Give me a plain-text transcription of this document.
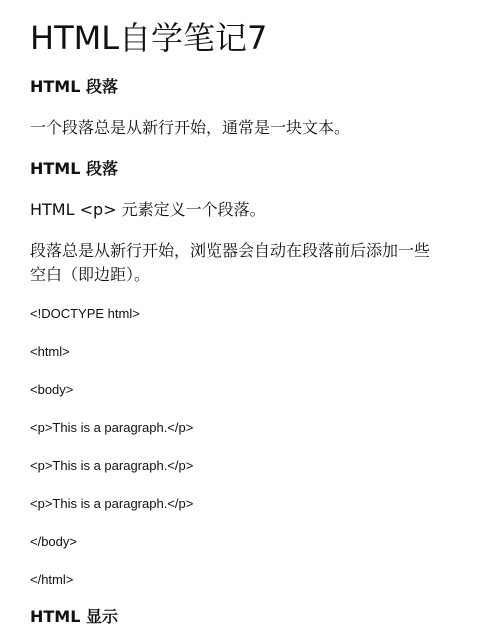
HTML自学笔记7
HTML 段落
一个段落总是从新行开始，通常是一块文本。
HTML 段落
HTML <p> 元素定义一个段落。
段落总是从新行开始，浏览器会自动在段落前后添加一些
空白（即边距）。
<!DOCTYPE html>
<html>
<body>
<p>This is a paragraph.</p>
<p>This is a paragraph.</p>
<p>This is a paragraph.</p>
</body>
</html>
HTML 显示
